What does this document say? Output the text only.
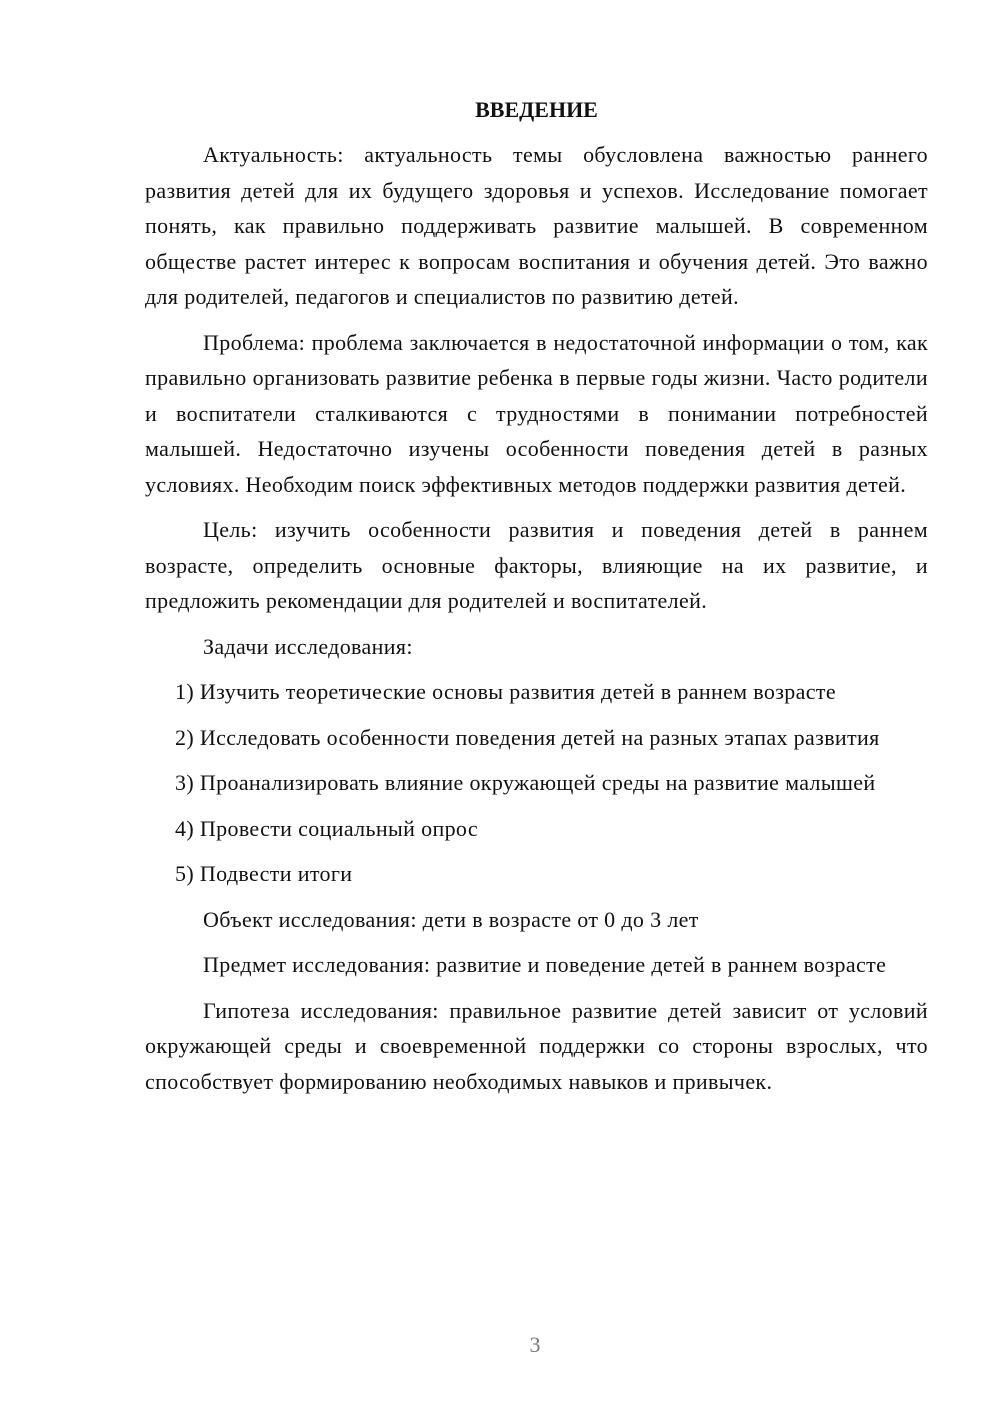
ВВЕДЕНИЕ

Актуальность: актуальность темы обусловлена важностью раннего развития детей для их будущего здоровья и успехов. Исследование помогает понять, как правильно поддерживать развитие малышей. В современном обществе растет интерес к вопросам воспитания и обучения детей. Это важно для родителей, педагогов и специалистов по развитию детей.

Проблема: проблема заключается в недостаточной информации о том, как правильно организовать развитие ребенка в первые годы жизни. Часто родители и воспитатели сталкиваются с трудностями в понимании потребностей малышей. Недостаточно изучены особенности поведения детей в разных условиях. Необходим поиск эффективных методов поддержки развития детей.

Цель: изучить особенности развития и поведения детей в раннем возрасте, определить основные факторы, влияющие на их развитие, и предложить рекомендации для родителей и воспитателей.

Задачи исследования:

1) Изучить теоретические основы развития детей в раннем возрасте

2) Исследовать особенности поведения детей на разных этапах развития

3) Проанализировать влияние окружающей среды на развитие малышей

4) Провести социальный опрос

5) Подвести итоги

Объект исследования: дети в возрасте от 0 до 3 лет

Предмет исследования: развитие и поведение детей в раннем возрасте

Гипотеза исследования: правильное развитие детей зависит от условий окружающей среды и своевременной поддержки со стороны взрослых, что способствует формированию необходимых навыков и привычек.

3
